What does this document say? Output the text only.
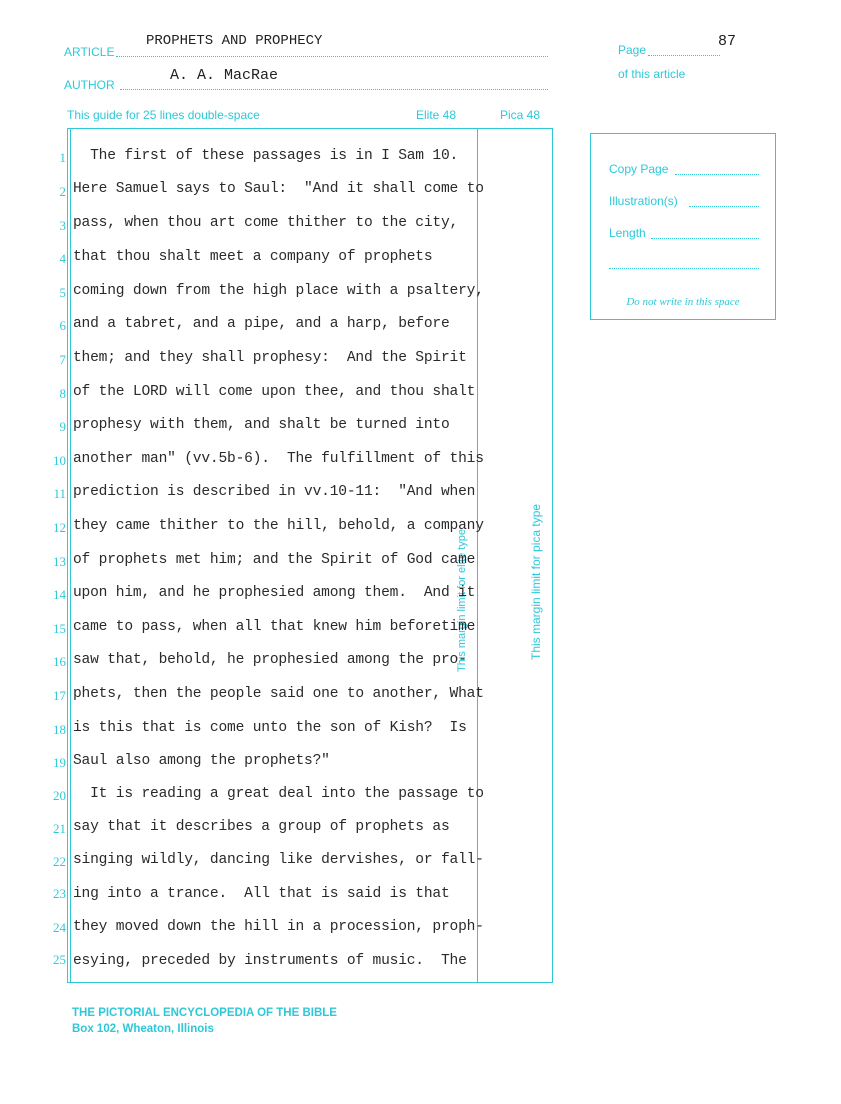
ARTICLE
PROPHETS AND PROPHECY
AUTHOR
A. A. MacRae
Page	87
of this article
This guide for 25 lines double-space	Elite 48	Pica 48
This margin limit for elite type	This margin limit for pica type
1
2
3
4
5
6
7
8
9
10
11
12
13
14
15
16
17
18
19
20
21
22
23
24
25
The first of these passages is in I Sam 10.
Here Samuel says to Saul:  "And it shall come to
pass, when thou art come thither to the city,
that thou shalt meet a company of prophets
coming down from the high place with a psaltery,
and a tabret, and a pipe, and a harp, before
them; and they shall prophesy:  And the Spirit
of the LORD will come upon thee, and thou shalt
prophesy with them, and shalt be turned into
another man" (vv.5b-6).  The fulfillment of this
prediction is described in vv.10-11:  "And when
they came thither to the hill, behold, a company
of prophets met him; and the Spirit of God came
upon him, and he prophesied among them.  And it
came to pass, when all that knew him beforetime
saw that, behold, he prophesied among the pro-
phets, then the people said one to another, What
is this that is come unto the son of Kish?  Is
Saul also among the prophets?"
It is reading a great deal into the passage to
say that it describes a group of prophets as
singing wildly, dancing like dervishes, or fall-
ing into a trance.  All that is said is that
they moved down the hill in a procession, proph-
esying, preceded by instruments of music.  The
Copy Page
Illustration(s)
Length
Do not write in this space
THE PICTORIAL ENCYCLOPEDIA OF THE BIBLE
Box 102, Wheaton, Illinois
